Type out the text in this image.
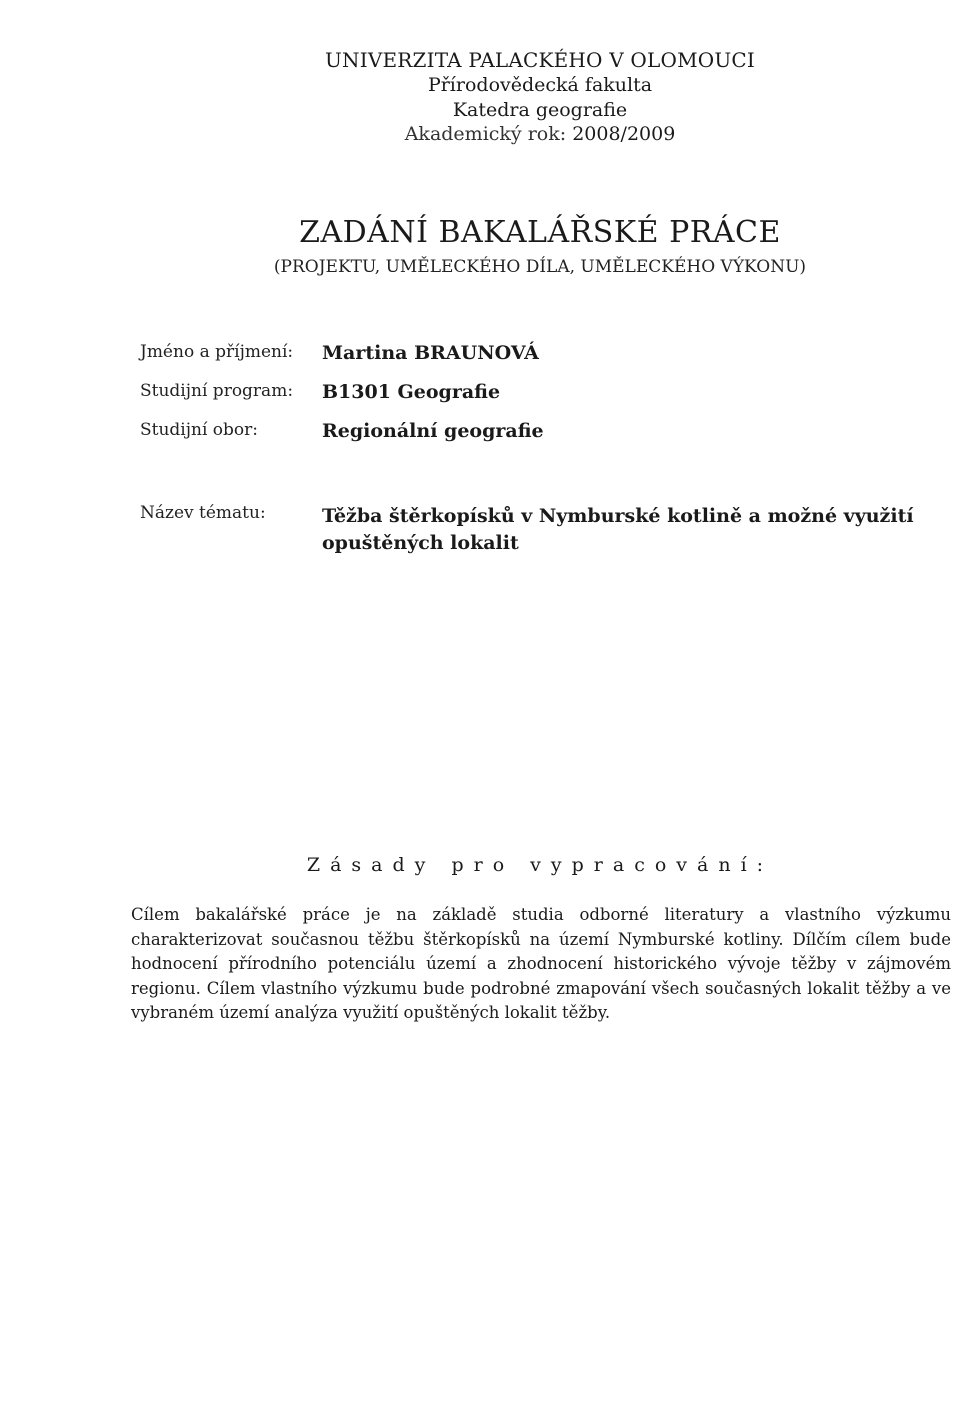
UNIVERZITA PALACKÉHO V OLOMOUCI
Přírodovědecká fakulta
Katedra geografie
Akademický rok: 2008/2009
ZADÁNÍ BAKALÁŘSKÉ PRÁCE
(PROJEKTU, UMĚLECKÉHO DÍLA, UMĚLECKÉHO VÝKONU)
Jméno a příjmení: Martina BRAUNOVÁ
Studijní program: B1301 Geografie
Studijní obor:	Regionální geografie
Název tématu:	Těžba štěrkopísků v Nymburské kotlině a možné využití opuštěných lokalit
Zásady pro vypracování:
Cílem bakalářské práce je na základě studia odborné literatury a vlastního výzkumu charakterizovat současnou těžbu štěrkopísků na území Nymburské kotliny. Dílčím cílem bude hodnocení přírodního potenciálu území a zhodnocení historického vývoje těžby v zájmovém regionu. Cílem vlastního výzkumu bude podrobné zmapování všech současných lokalit těžby a ve vybraném území analýza využití opuštěných lokalit těžby.
